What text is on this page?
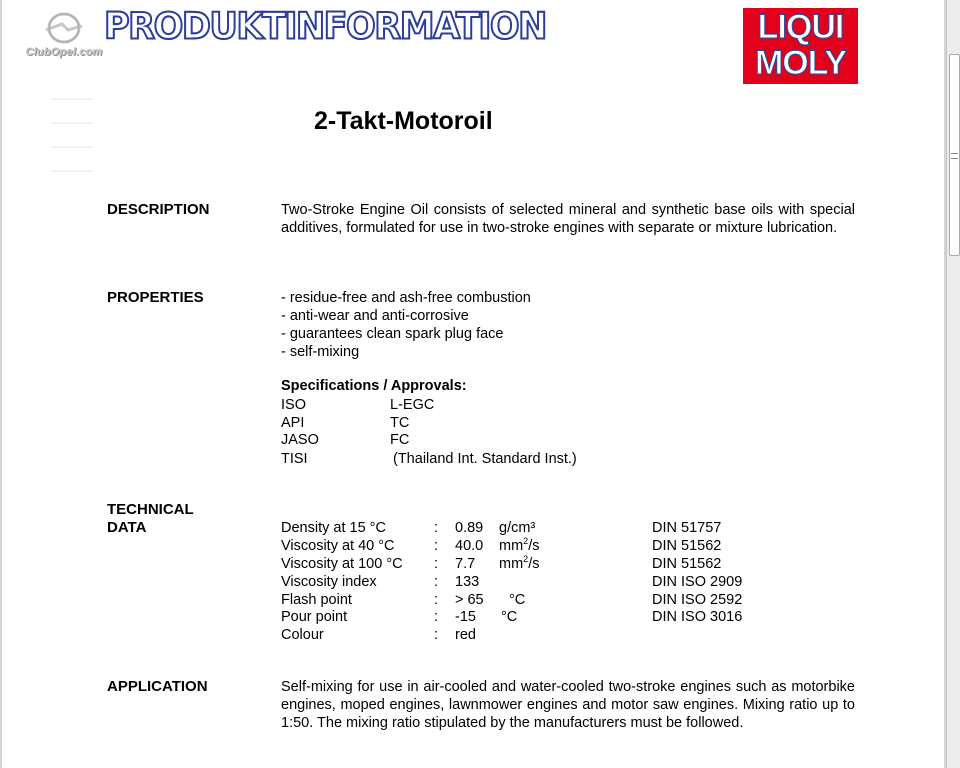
ClubOpel.com
PRODUKTINFORMATION	LIQUI
MOLY
2-Takt-Motoroil
DESCRIPTION	Two-Stroke Engine Oil consists of selected mineral and synthetic base oils with special additives, formulated for use in two-stroke engines with separate or mixture lubrication.
PROPERTIES	- residue-free and ash-free combustion
- anti-wear and anti-corrosive
- guarantees clean spark plug face
- self-mixing
Specifications / Approvals:
ISO	L-EGC
API	TC
JASO	FC
TISI	(Thailand Int. Standard Inst.)
TECHNICAL
DATA	Density at 15 °C	: 0.89 g/cm³	DIN 51757
Viscosity at 40 °C	: 40.0 $mm^2/s$	DIN 51562
Viscosity at 100 °C : 7.7 $mm^2/s$	DIN 51562
Viscosity index	: 133	DIN ISO 2909
Flash point	: > 65 °C	DIN ISO 2592
Pour point	: -15 °C	DIN ISO 3016
Colour	: red
APPLICATION	Self-mixing for use in air-cooled and water-cooled two-stroke engines such as motorbike engines, moped engines, lawnmower engines and motor saw engines. Mixing ratio up to 1:50. The mixing ratio stipulated by the manufacturers must be followed.
